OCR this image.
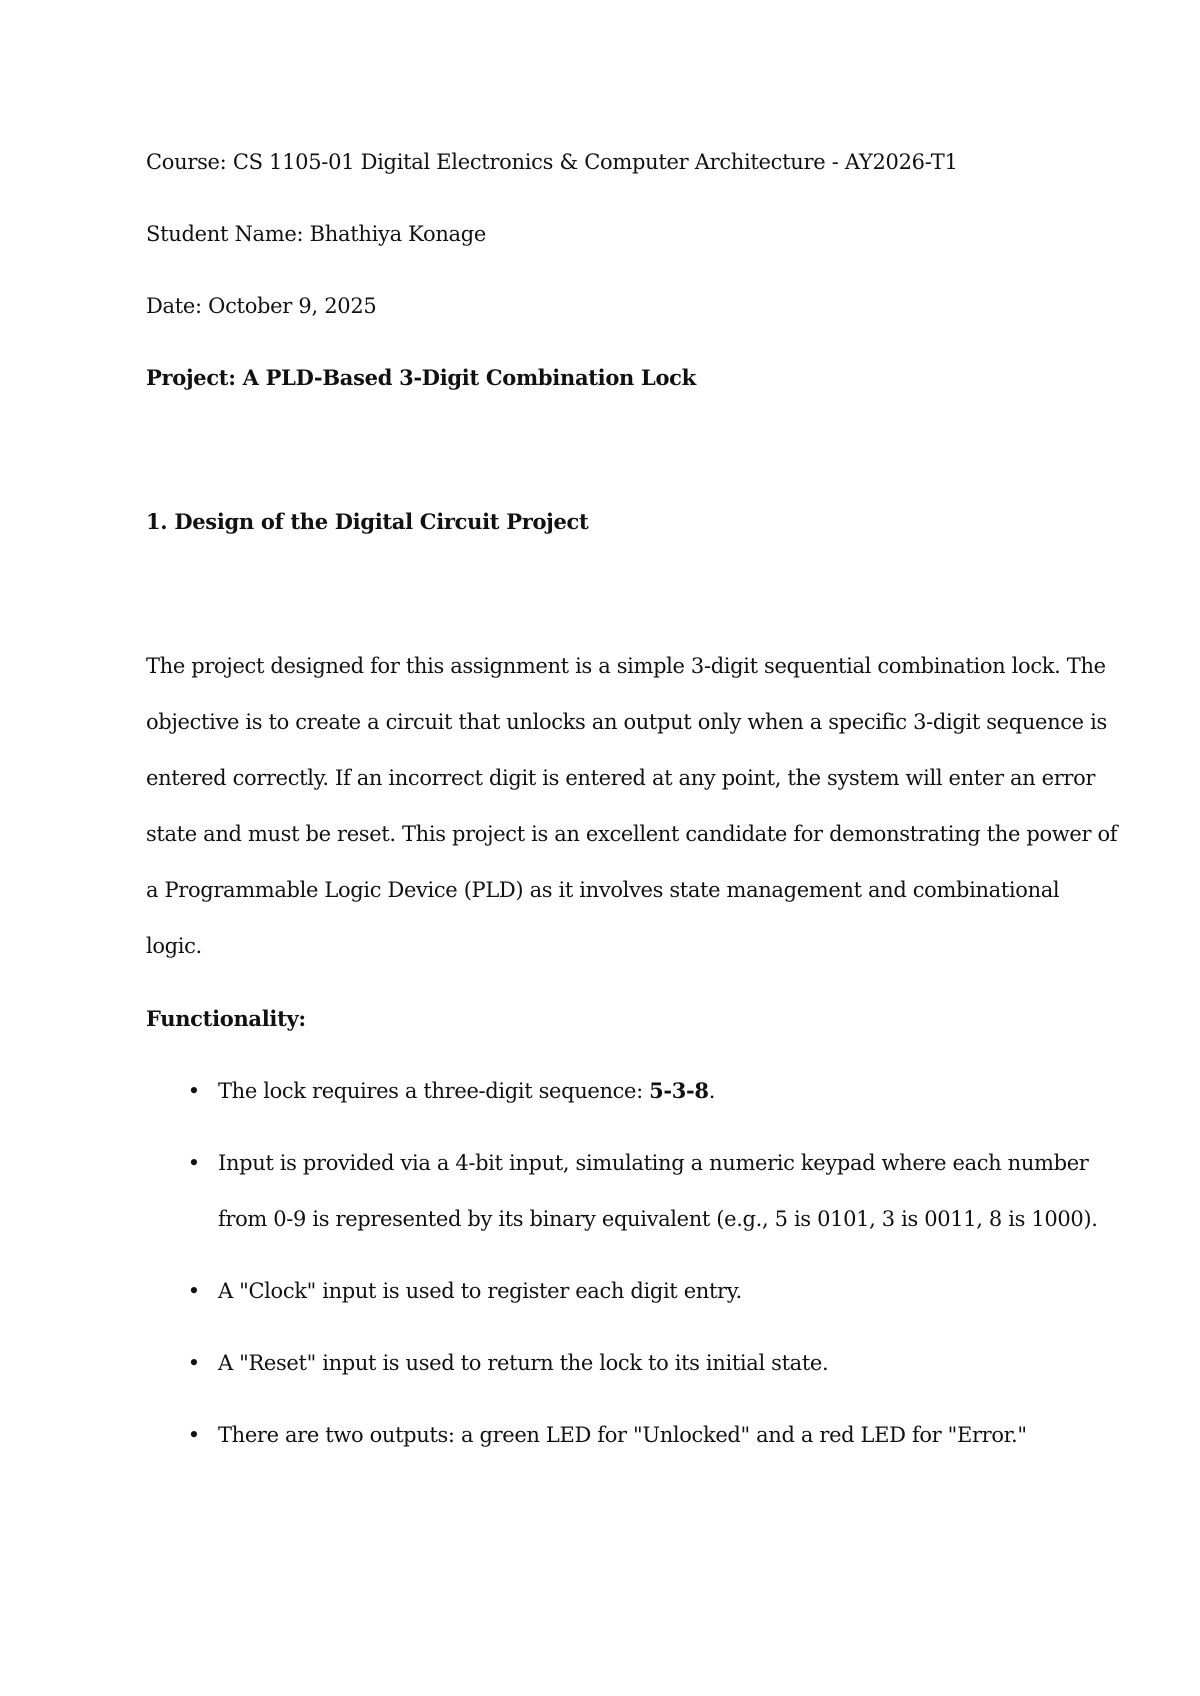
Course: CS 1105-01 Digital Electronics & Computer Architecture - AY2026-T1
Student Name: Bhathiya Konage
Date: October 9, 2025
Project: A PLD-Based 3-Digit Combination Lock
1. Design of the Digital Circuit Project
The project designed for this assignment is a simple 3-digit sequential combination lock. The
objective is to create a circuit that unlocks an output only when a specific 3-digit sequence is
entered correctly. If an incorrect digit is entered at any point, the system will enter an error
state and must be reset. This project is an excellent candidate for demonstrating the power of
a Programmable Logic Device (PLD) as it involves state management and combinational
logic.
Functionality:
• The lock requires a three-digit sequence: 5-3-8.
• Input is provided via a 4-bit input, simulating a numeric keypad where each number
from 0-9 is represented by its binary equivalent (e.g., 5 is 0101, 3 is 0011, 8 is 1000).
• A "Clock" input is used to register each digit entry.
• A "Reset" input is used to return the lock to its initial state.
• There are two outputs: a green LED for "Unlocked" and a red LED for "Error."
